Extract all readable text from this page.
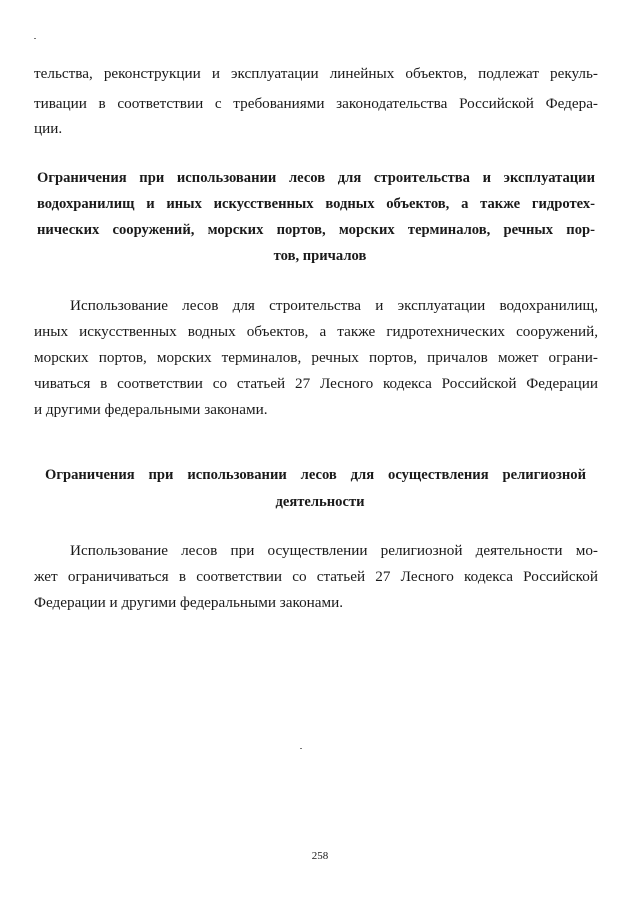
тельства, реконструкции и эксплуатации линейных объектов, подлежат рекуль-
тивации в соответствии с требованиями законодательства Российской Федера-
ции.
Ограничения при использовании лесов для строительства и эксплуатации
водохранилищ и иных искусственных водных объектов, а также гидротех-
нических сооружений, морских портов, морских терминалов, речных пор-
тов, причалов
Использование лесов для строительства и эксплуатации водохранилищ,
иных искусственных водных объектов, а также гидротехнических сооружений,
морских портов, морских терминалов, речных портов, причалов может ограни-
чиваться в соответствии со статьей 27 Лесного кодекса Российской Федерации
и другими федеральными законами.
Ограничения при использовании лесов для осуществления религиозной
деятельности
Использование лесов при осуществлении религиозной деятельности мо-
жет ограничиваться в соответствии со статьей 27 Лесного кодекса Российской
Федерации и другими федеральными законами.
258
